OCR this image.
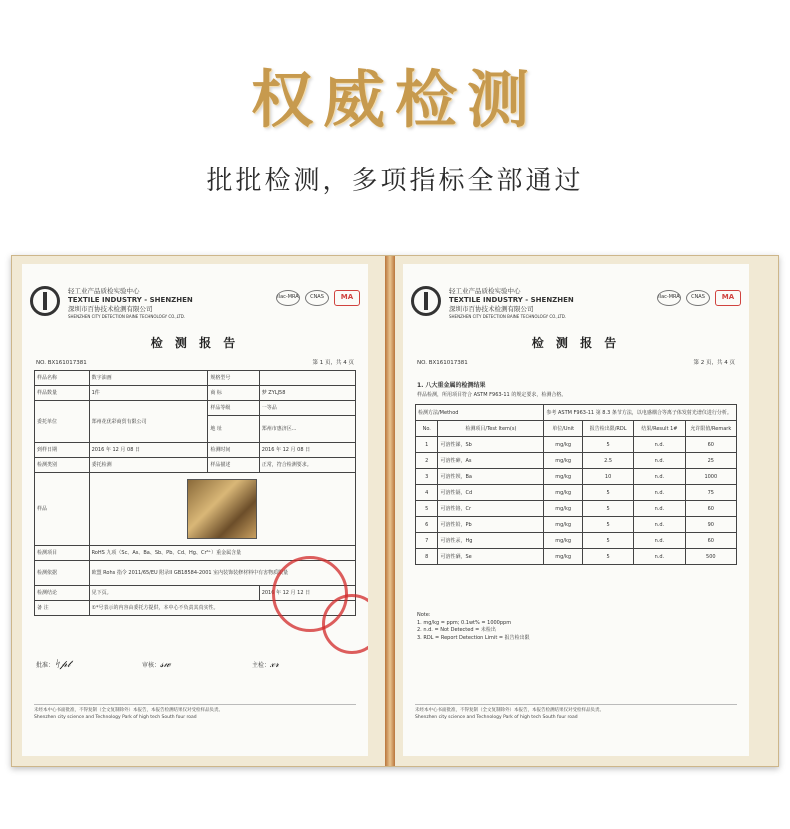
权威检测
批批检测，多项指标全部通过
轻工业产品质检实验中心
TEXTILE INDUSTRY - SHENZHEN
深圳市百协技术检测有限公司
SHENZHEN CITY DETECTION BAINE TECHNOLOGY CO.,LTD.
ilac-MRA	CNAS	MA
检 测 报 告
NO. BX161017381	第 1 页，共 4 页
样品名称	数字油画	规格型号	
样品数量	1件	商 标	梦 ZYLJ58
委托单位	郑州花优彩商贸有限公司	样品等级	一等品
		地 址	郑州市惠济区...
到样日期	2016 年 12 月 08 日	检测时间	2016 年 12 月 08 日
检测类别	委托检测	样品描述	正常，符合检测要求。
样品			

检测项目	RoHS 九项（Sc、As、Ba、Sb、Pb、Cd、Hg、Cr⁶⁺）重金属含量		
检测依据	欧盟 Rohs 指令 2011/65/EU 附录II GB18584-2001 室内装饰装修材料中有害物质限量		
检测结论	见下页。		2016 年 12 月 12 日
备 注	①*号表示的内容由委托方提供，本中心不负责其真实性。		
批准：ᛋ𝓅𝓉	审核：𝓈𝓌	主检：𝓍𝓇
未经本中心书面批准，不得复制（全文复制除外）本报告，本报告检测结果仅对受检样品负责。
Shenzhen city science and Technology Park of high tech South four road
轻工业产品质检实验中心
TEXTILE INDUSTRY - SHENZHEN
深圳市百协技术检测有限公司
SHENZHEN CITY DETECTION BAINE TECHNOLOGY CO.,LTD.
ilac-MRA	CNAS	MA
检 测 报 告
NO. BX161017381	第 2 页，共 4 页
1. 八大重金属的检测结果
样品检测，所用项目符合 ASTM F963-11 的规定要求，检测合格。
检测方法/Method		参考 ASTM F963-11 第 8.3 条节方法，以电感耦合等离子体发射光谱仪进行分析。			
No.	检测项目/Test Item(s)	单位/Unit	报告检出限/RDL	结果/Result 1#	允许限值/Remark
1	可溶性锑，Sb	mg/kg	5	n.d.	60
2	可溶性砷，As	mg/kg	2.5	n.d.	25
3	可溶性钡，Ba	mg/kg	10	n.d.	1000
4	可溶性镉，Cd	mg/kg	5	n.d.	75
5	可溶性铬，Cr	mg/kg	5	n.d.	60
6	可溶性铅，Pb	mg/kg	5	n.d.	90
7	可溶性汞，Hg	mg/kg	5	n.d.	60
8	可溶性硒，Se	mg/kg	5	n.d.	500
Note:
1. mg/kg = ppm; 0.1wt% = 1000ppm
2. n.d. = Not Detected = 未检出
3. RDL = Report Detection Limit = 报告检出限
未经本中心书面批准，不得复制（全文复制除外）本报告，本报告检测结果仅对受检样品负责。
Shenzhen city science and Technology Park of high tech South four road
